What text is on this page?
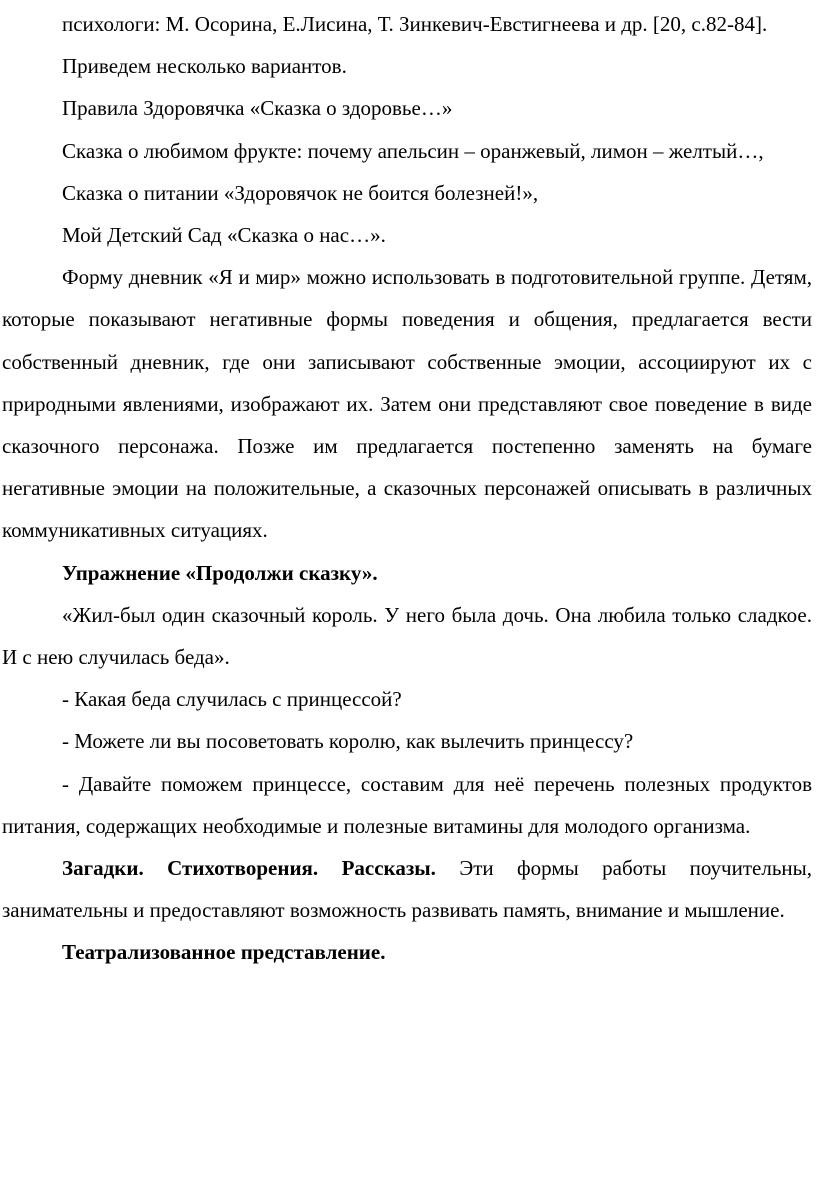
психологи: М. Осорина, Е.Лисина, Т. Зинкевич-Евстигнеева и др. [20, с.82-84].

Приведем несколько вариантов.

Правила Здоровячка «Сказка о здоровье…»

Сказка о любимом фрукте: почему апельсин – оранжевый, лимон – желтый…,

Сказка о питании «Здоровячок не боится болезней!»,

Мой Детский Сад «Сказка о нас…».

Форму дневник «Я и мир» можно использовать в подготовительной группе. Детям, которые показывают негативные формы поведения и общения, предлагается вести собственный дневник, где они записывают собственные эмоции, ассоциируют их с природными явлениями, изображают их. Затем они представляют свое поведение в виде сказочного персонажа. Позже им предлагается постепенно заменять на бумаге негативные эмоции на положительные, а сказочных персонажей описывать в различных коммуникативных ситуациях.

Упражнение «Продолжи сказку».

«Жил-был один сказочный король. У него была дочь. Она любила только сладкое. И с нею случилась беда».

- Какая беда случилась с принцессой?

- Можете ли вы посоветовать королю, как вылечить принцессу?

- Давайте поможем принцессе, составим для неё перечень полезных продуктов питания, содержащих необходимые и полезные витамины для молодого организма.

Загадки. Стихотворения. Рассказы. Эти формы работы поучительны, занимательны и предоставляют возможность развивать память, внимание и мышление.

Театрализованное представление.
